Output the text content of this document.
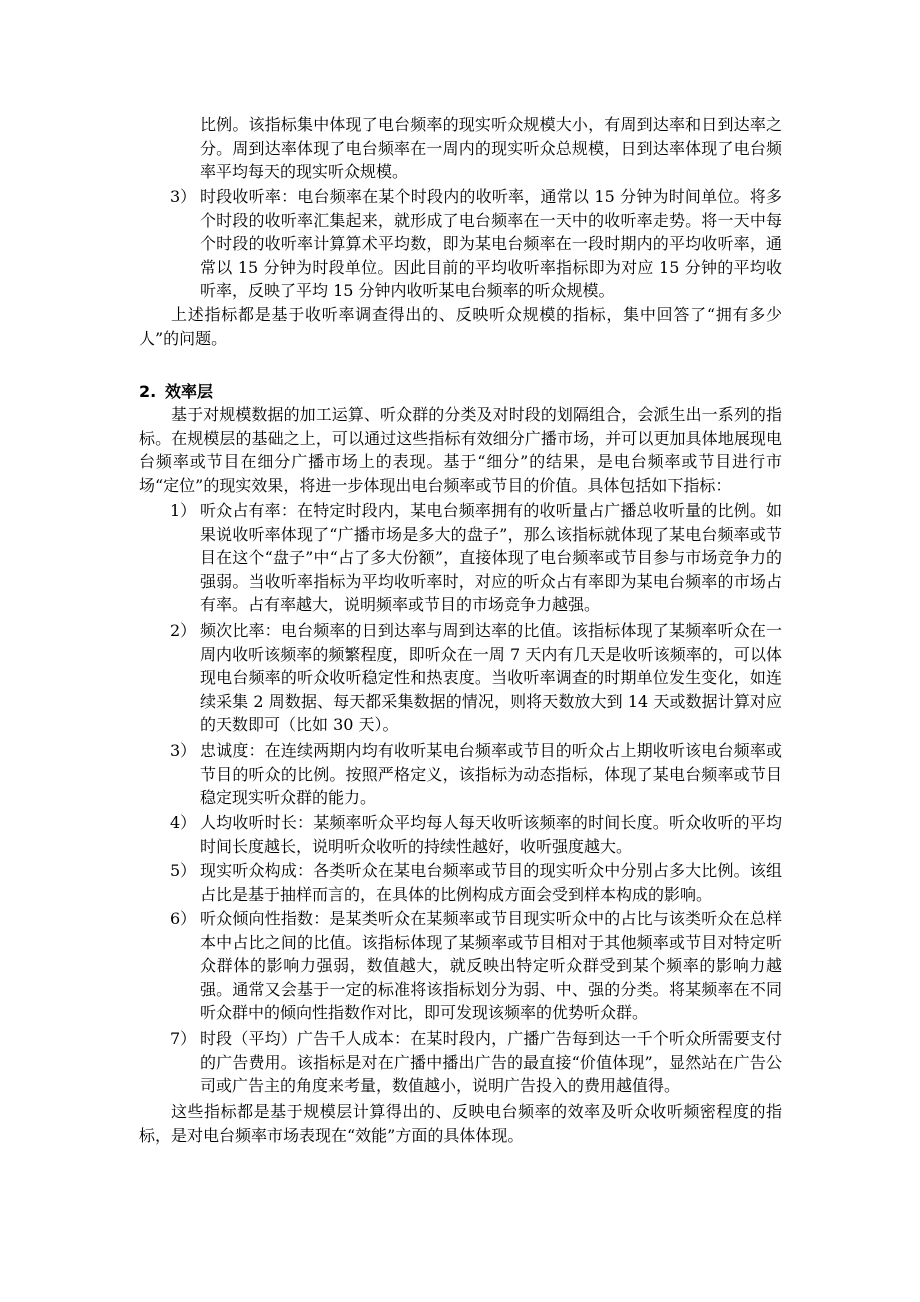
比例。该指标集中体现了电台频率的现实听众规模大小，有周到达率和日到达率之分。周到达率体现了电台频率在一周内的现实听众总规模，日到达率体现了电台频率平均每天的现实听众规模。

3） 时段收听率：电台频率在某个时段内的收听率，通常以 15 分钟为时间单位。将多个时段的收听率汇集起来，就形成了电台频率在一天中的收听率走势。将一天中每个时段的收听率计算算术平均数，即为某电台频率在一段时期内的平均收听率，通常以 15 分钟为时段单位。因此目前的平均收听率指标即为对应 15 分钟的平均收听率，反映了平均 15 分钟内收听某电台频率的听众规模。

上述指标都是基于收听率调查得出的、反映听众规模的指标，集中回答了“拥有多少人”的问题。

2. 效率层

基于对规模数据的加工运算、听众群的分类及对时段的划隔组合，会派生出一系列的指标。在规模层的基础之上，可以通过这些指标有效细分广播市场，并可以更加具体地展现电台频率或节目在细分广播市场上的表现。基于“细分”的结果，是电台频率或节目进行市场“定位”的现实效果，将进一步体现出电台频率或节目的价值。具体包括如下指标：

1） 听众占有率：在特定时段内，某电台频率拥有的收听量占广播总收听量的比例。如果说收听率体现了“广播市场是多大的盘子”，那么该指标就体现了某电台频率或节目在这个“盘子”中“占了多大份额”，直接体现了电台频率或节目参与市场竞争力的强弱。当收听率指标为平均收听率时，对应的听众占有率即为某电台频率的市场占有率。占有率越大，说明频率或节目的市场竞争力越强。
2） 频次比率：电台频率的日到达率与周到达率的比值。该指标体现了某频率听众在一周内收听该频率的频繁程度，即听众在一周 7 天内有几天是收听该频率的，可以体现电台频率的听众收听稳定性和热衷度。当收听率调查的时期单位发生变化，如连续采集 2 周数据、每天都采集数据的情况，则将天数放大到 14 天或数据计算对应的天数即可（比如 30 天）。
3） 忠诚度：在连续两期内均有收听某电台频率或节目的听众占上期收听该电台频率或节目的听众的比例。按照严格定义，该指标为动态指标，体现了某电台频率或节目稳定现实听众群的能力。
4） 人均收听时长：某频率听众平均每人每天收听该频率的时间长度。听众收听的平均时间长度越长，说明听众收听的持续性越好，收听强度越大。
5） 现实听众构成：各类听众在某电台频率或节目的现实听众中分别占多大比例。该组占比是基于抽样而言的，在具体的比例构成方面会受到样本构成的影响。
6） 听众倾向性指数：是某类听众在某频率或节目现实听众中的占比与该类听众在总样本中占比之间的比值。该指标体现了某频率或节目相对于其他频率或节目对特定听众群体的影响力强弱，数值越大，就反映出特定听众群受到某个频率的影响力越强。通常又会基于一定的标准将该指标划分为弱、中、强的分类。将某频率在不同听众群中的倾向性指数作对比，即可发现该频率的优势听众群。
7） 时段（平均）广告千人成本：在某时段内，广播广告每到达一千个听众所需要支付的广告费用。该指标是对在广播中播出广告的最直接“价值体现”，显然站在广告公司或广告主的角度来考量，数值越小，说明广告投入的费用越值得。

这些指标都是基于规模层计算得出的、反映电台频率的效率及听众收听频密程度的指标，是对电台频率市场表现在“效能”方面的具体体现。
